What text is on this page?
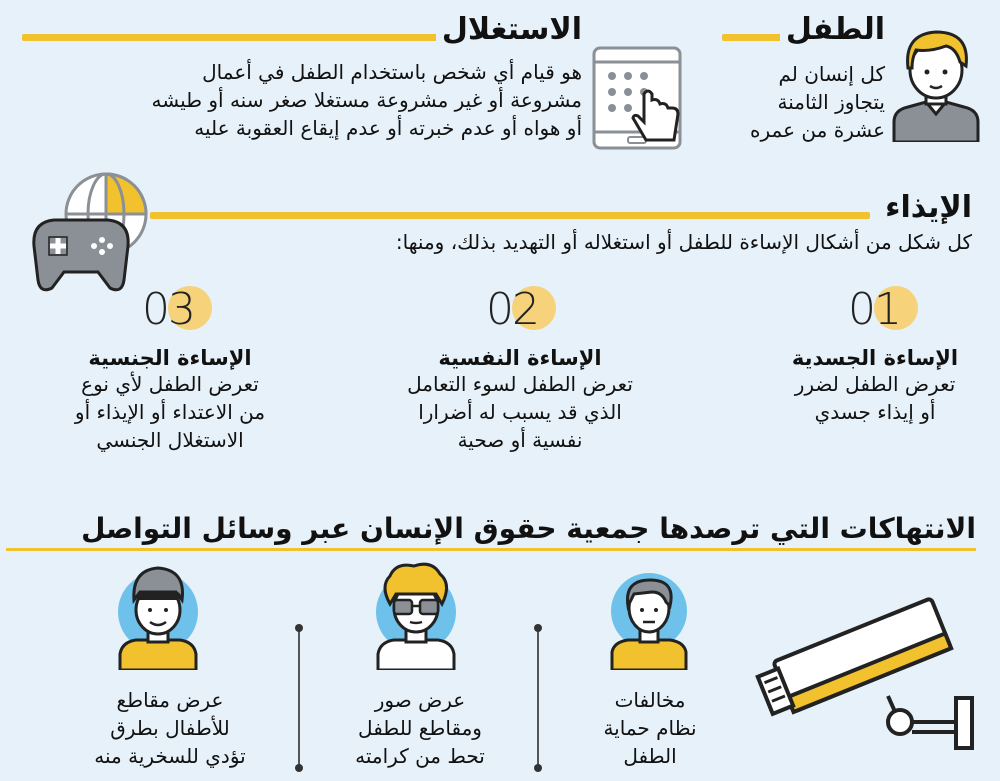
الطفل
كل إنسان لم
يتجاوز الثامنة
عشرة من عمره
الاستغلال
هو قيام أي شخص باستخدام الطفل في أعمال
مشروعة أو غير مشروعة مستغلا صغر سنه أو طيشه
أو هواه أو عدم خبرته أو عدم إيقاع العقوبة عليه
الإيذاء
كل شكل من أشكال الإساءة للطفل أو استغلاله أو التهديد بذلك، ومنها:
01
الإساءة الجسدية
تعرض الطفل لضرر
أو إيذاء جسدي
02
الإساءة النفسية
تعرض الطفل لسوء التعامل
الذي قد يسبب له أضرارا
نفسية أو صحية
03
الإساءة الجنسية
تعرض الطفل لأي نوع
من الاعتداء أو الإيذاء أو
الاستغلال الجنسي
الانتهاكات التي ترصدها جمعية حقوق الإنسان عبر وسائل التواصل
مخالفات
نظام حماية
الطفل
عرض صور
ومقاطع للطفل
تحط من كرامته
عرض مقاطع
للأطفال بطرق
تؤدي للسخرية منه
